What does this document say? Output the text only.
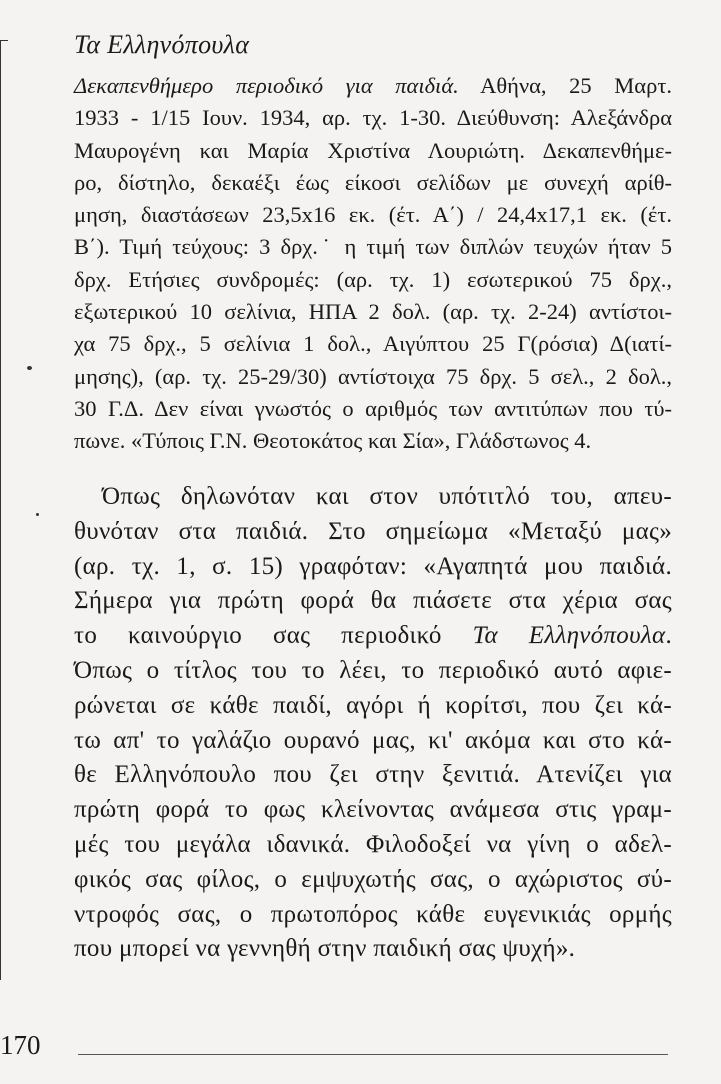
Τα Ελληνόπουλα
Δεκαπενθήμερο περιοδικό για παιδιά. Αθήνα, 25 Μαρτ.
1933 - 1/15 Ιουν. 1934, αρ. τχ. 1-30. Διεύθυνση: Αλεξάνδρα
Μαυρογένη και Μαρία Χριστίνα Λουριώτη. Δεκαπενθήμε-
ρο, δίστηλο, δεκαέξι έως είκοσι σελίδων με συνεχή αρίθ-
μηση, διαστάσεων 23,5x16 εκ. (έτ. Α΄) / 24,4x17,1 εκ. (έτ.
Β΄). Τιμή τεύχους: 3 δρχ.˙ η τιμή των διπλών τευχών ήταν 5
δρχ. Ετήσιες συνδρομές: (αρ. τχ. 1) εσωτερικού 75 δρχ.,
εξωτερικού 10 σελίνια, ΗΠΑ 2 δολ. (αρ. τχ. 2-24) αντίστοι-
χα 75 δρχ., 5 σελίνια 1 δολ., Αιγύπτου 25 Γ(ρόσια) Δ(ιατί-
μησης), (αρ. τχ. 25-29/30) αντίστοιχα 75 δρχ. 5 σελ., 2 δολ.,
30 Γ.Δ. Δεν είναι γνωστός ο αριθμός των αντιτύπων που τύ-
πωνε. «Τύποις Γ.Ν. Θεοτοκάτος και Σία», Γλάδστωνος 4.
Όπως δηλωνόταν και στον υπότιτλό του, απευ-
θυνόταν στα παιδιά. Στο σημείωμα «Μεταξύ μας»
(αρ. τχ. 1, σ. 15) γραφόταν: «Αγαπητά μου παιδιά.
Σήμερα για πρώτη φορά θα πιάσετε στα χέρια σας
το καινούργιο σας περιοδικό Τα Ελληνόπουλα.
Όπως ο τίτλος του το λέει, το περιοδικό αυτό αφιε-
ρώνεται σε κάθε παιδί, αγόρι ή κορίτσι, που ζει κά-
τω απ' το γαλάζιο ουρανό μας, κι' ακόμα και στο κά-
θε Ελληνόπουλο που ζει στην ξενιτιά. Ατενίζει για
πρώτη φορά το φως κλείνοντας ανάμεσα στις γραμ-
μές του μεγάλα ιδανικά. Φιλοδοξεί να γίνη ο αδελ-
φικός σας φίλος, ο εμψυχωτής σας, ο αχώριστος σύ-
ντροφός σας, ο πρωτοπόρος κάθε ευγενικιάς ορμής
που μπορεί να γεννηθή στην παιδική σας ψυχή».
170
